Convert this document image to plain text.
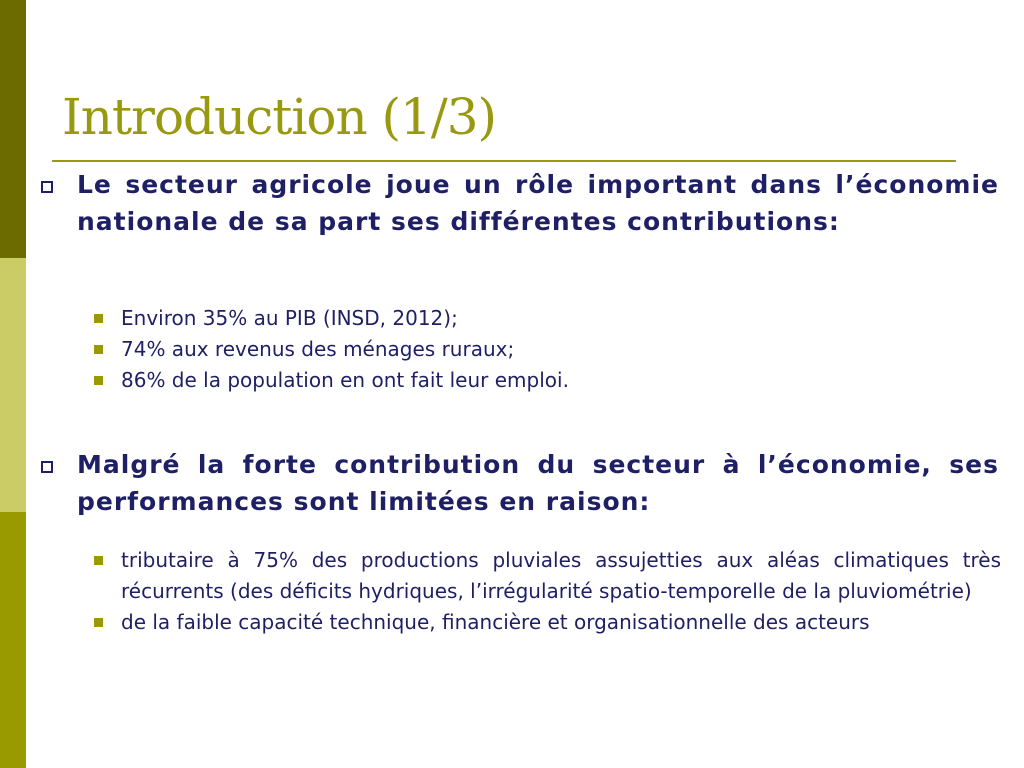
Introduction (1/3)

Le secteur agricole joue un rôle important dans l’économie nationale de sa part ses différentes contributions:

Environ 35% au PIB (INSD, 2012);
74% aux revenus des ménages ruraux;
86% de la population en ont fait leur emploi.

Malgré la forte contribution du secteur à l’économie, ses performances sont limitées en raison:

tributaire à 75% des productions pluviales assujetties aux aléas climatiques très récurrents (des déficits hydriques, l’irrégularité spatio-temporelle de la pluviométrie)
de la faible capacité technique, financière et organisationnelle des acteurs
